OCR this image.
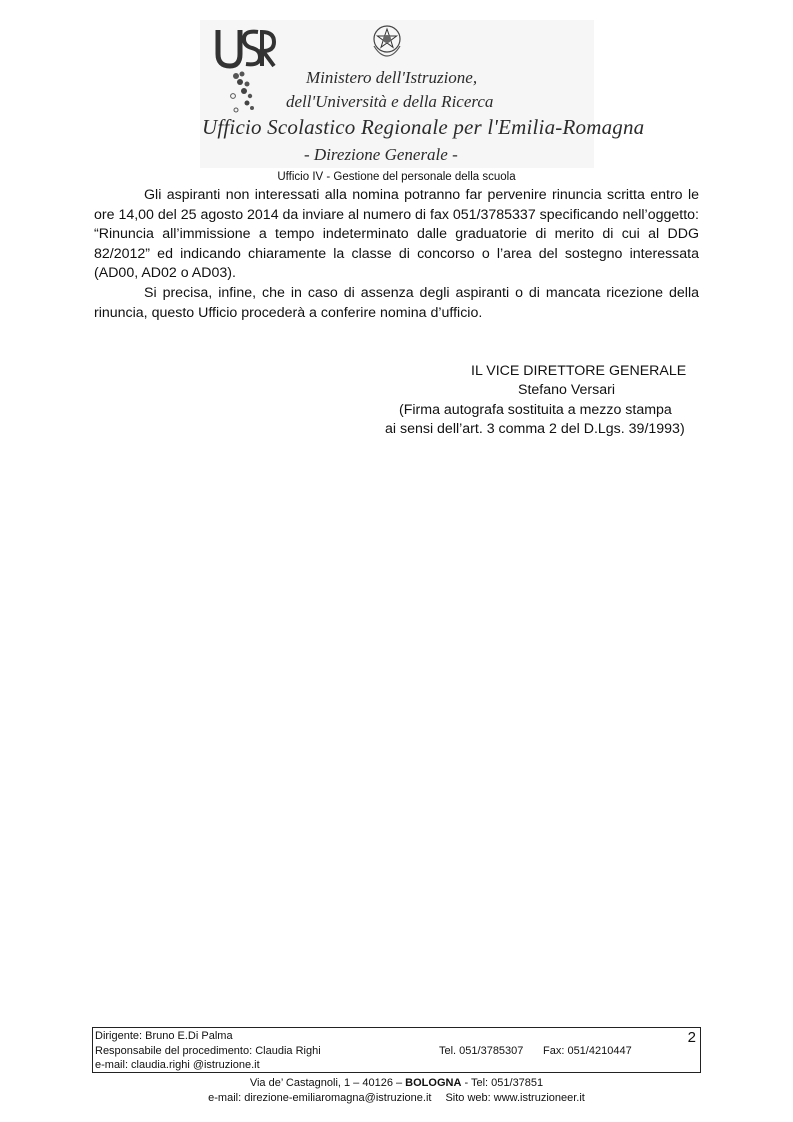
Ministero dell'Istruzione,
dell'Università e della Ricerca
Ufficio Scolastico Regionale per l'Emilia-Romagna
- Direzione Generale -
Ufficio IV - Gestione del personale della scuola

Gli aspiranti non interessati alla nomina potranno far pervenire rinuncia scritta entro le ore 14,00 del 25 agosto 2014 da inviare al numero di fax 051/3785337 specificando nell’oggetto: “Rinuncia all’immissione a tempo indeterminato dalle graduatorie di merito di cui al DDG 82/2012” ed indicando chiaramente la classe di concorso o l’area del sostegno interessata (AD00, AD02 o AD03).

Si precisa, infine, che in caso di assenza degli aspiranti o di mancata ricezione della rinuncia, questo Ufficio procederà a conferire nomina d’ufficio.

IL VICE DIRETTORE GENERALE
Stefano Versari
(Firma autografa sostituita a mezzo stampa
ai sensi dell’art. 3 comma 2 del D.Lgs. 39/1993)
Dirigente: Bruno E.Di Palma
Responsabile del procedimento: Claudia Righi
e-mail: claudia.righi @istruzione.it
Tel. 051/3785307 Fax: 051/4210447
2
Via de’ Castagnoli, 1 – 40126 – BOLOGNA - Tel: 051/37851
e-mail: direzione-emiliaromagna@istruzione.it Sito web: www.istruzioneer.it
